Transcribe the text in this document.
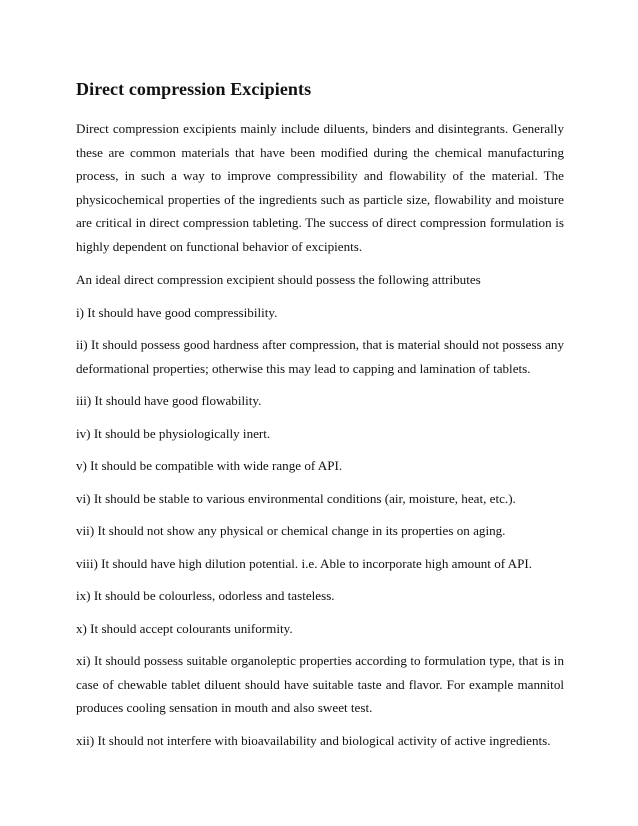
Direct compression Excipients

Direct compression excipients mainly include diluents, binders and disintegrants. Generally these are common materials that have been modified during the chemical manufacturing process, in such a way to improve compressibility and flowability of the material. The physicochemical properties of the ingredients such as particle size, flowability and moisture are critical in direct compression tableting. The success of direct compression formulation is highly dependent on functional behavior of excipients.

An ideal direct compression excipient should possess the following attributes

i) It should have good compressibility.

ii) It should possess good hardness after compression, that is material should not possess any deformational properties; otherwise this may lead to capping and lamination of tablets.

iii) It should have good flowability.

iv) It should be physiologically inert.

v) It should be compatible with wide range of API.

vi) It should be stable to various environmental conditions (air, moisture, heat, etc.).

vii) It should not show any physical or chemical change in its properties on aging.

viii) It should have high dilution potential. i.e. Able to incorporate high amount of API.

ix) It should be colourless, odorless and tasteless.

x) It should accept colourants uniformity.

xi) It should possess suitable organoleptic properties according to formulation type, that is in case of chewable tablet diluent should have suitable taste and flavor. For example mannitol produces cooling sensation in mouth and also sweet test.

xii) It should not interfere with bioavailability and biological activity of active ingredients.
